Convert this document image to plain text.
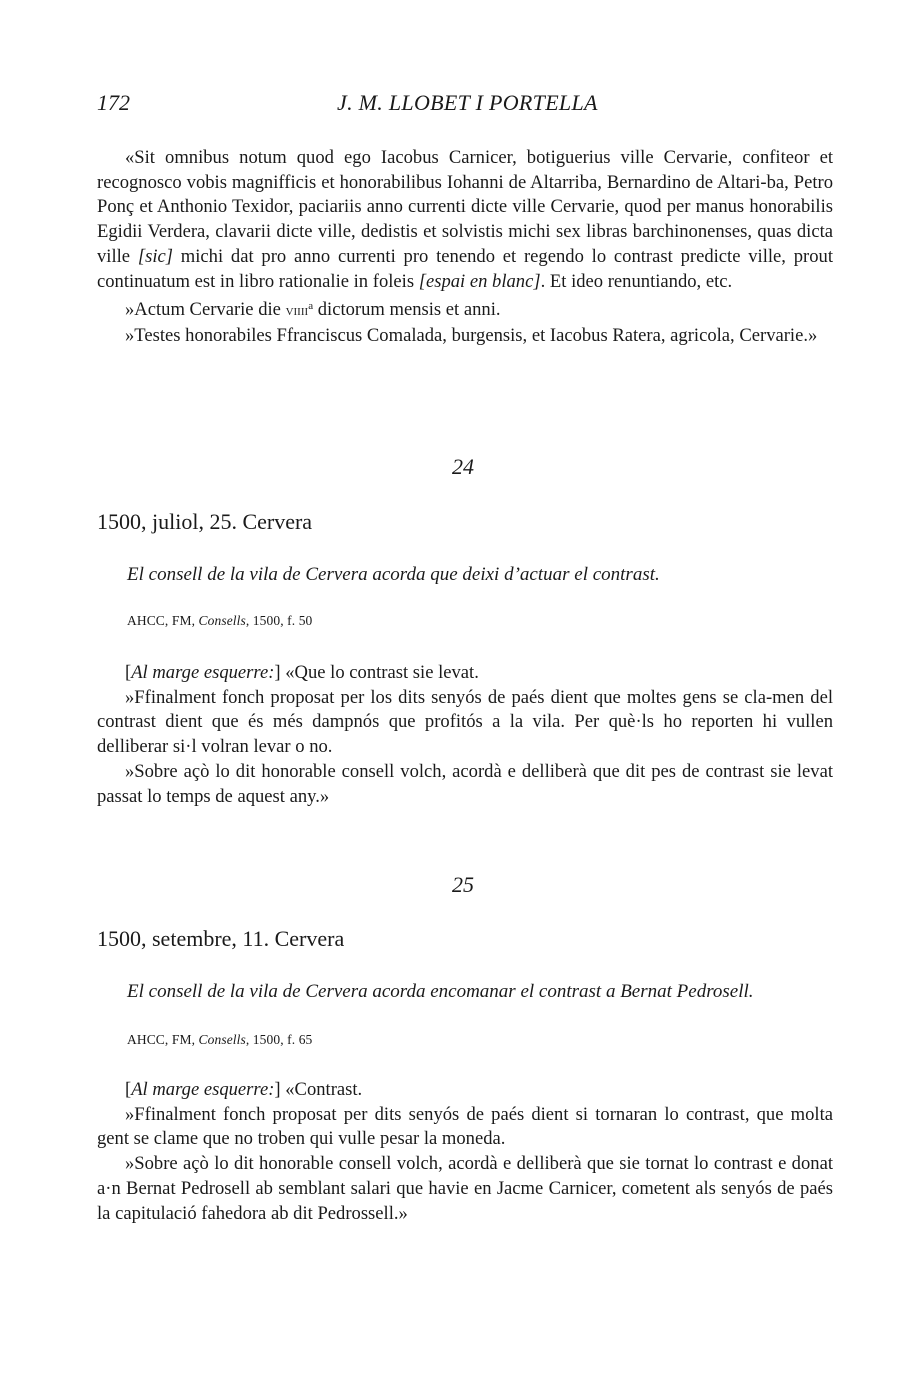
172	J. M. LLOBET I PORTELLA

«Sit omnibus notum quod ego Iacobus Carnicer, botiguerius ville Cervarie, confiteor et recognosco vobis magnifficis et honorabilibus Iohanni de Altarriba, Bernardino de Altari-ba, Petro Ponç et Anthonio Texidor, paciariis anno currenti dicte ville Cervarie, quod per manus honorabilis Egidii Verdera, clavarii dicte ville, dedistis et solvistis michi sex libras barchinonenses, quas dicta ville [sic] michi dat pro anno currenti pro tenendo et regendo lo contrast predicte ville, prout continuatum est in libro rationalie in foleis [espai en blanc]. Et ideo renuntiando, etc.

»Actum Cervarie die viiii$^a$ dictorum mensis et anni.

»Testes honorabiles Ffranciscus Comalada, burgensis, et Iacobus Ratera, agricola, Cervarie.»

24
1500, juliol, 25. Cervera
El consell de la vila de Cervera acorda que deixi d’actuar el contrast.
AHCC, FM, Consells, 1500, f. 50

[Al marge esquerre:] «Que lo contrast sie levat.

»Ffinalment fonch proposat per los dits senyós de paés dient que moltes gens se cla-men del contrast dient que és més dampnós que profitós a la vila. Per què·ls ho reporten hi vullen delliberar si·l volran levar o no.

»Sobre açò lo dit honorable consell volch, acordà e delliberà que dit pes de contrast sie levat passat lo temps de aquest any.»

25
1500, setembre, 11. Cervera
El consell de la vila de Cervera acorda encomanar el contrast a Bernat Pedrosell.
AHCC, FM, Consells, 1500, f. 65

[Al marge esquerre:] «Contrast.

»Ffinalment fonch proposat per dits senyós de paés dient si tornaran lo contrast, que molta gent se clame que no troben qui vulle pesar la moneda.

»Sobre açò lo dit honorable consell volch, acordà e delliberà que sie tornat lo contrast e donat a·n Bernat Pedrosell ab semblant salari que havie en Jacme Carnicer, cometent als senyós de paés la capitulació fahedora ab dit Pedrossell.»
